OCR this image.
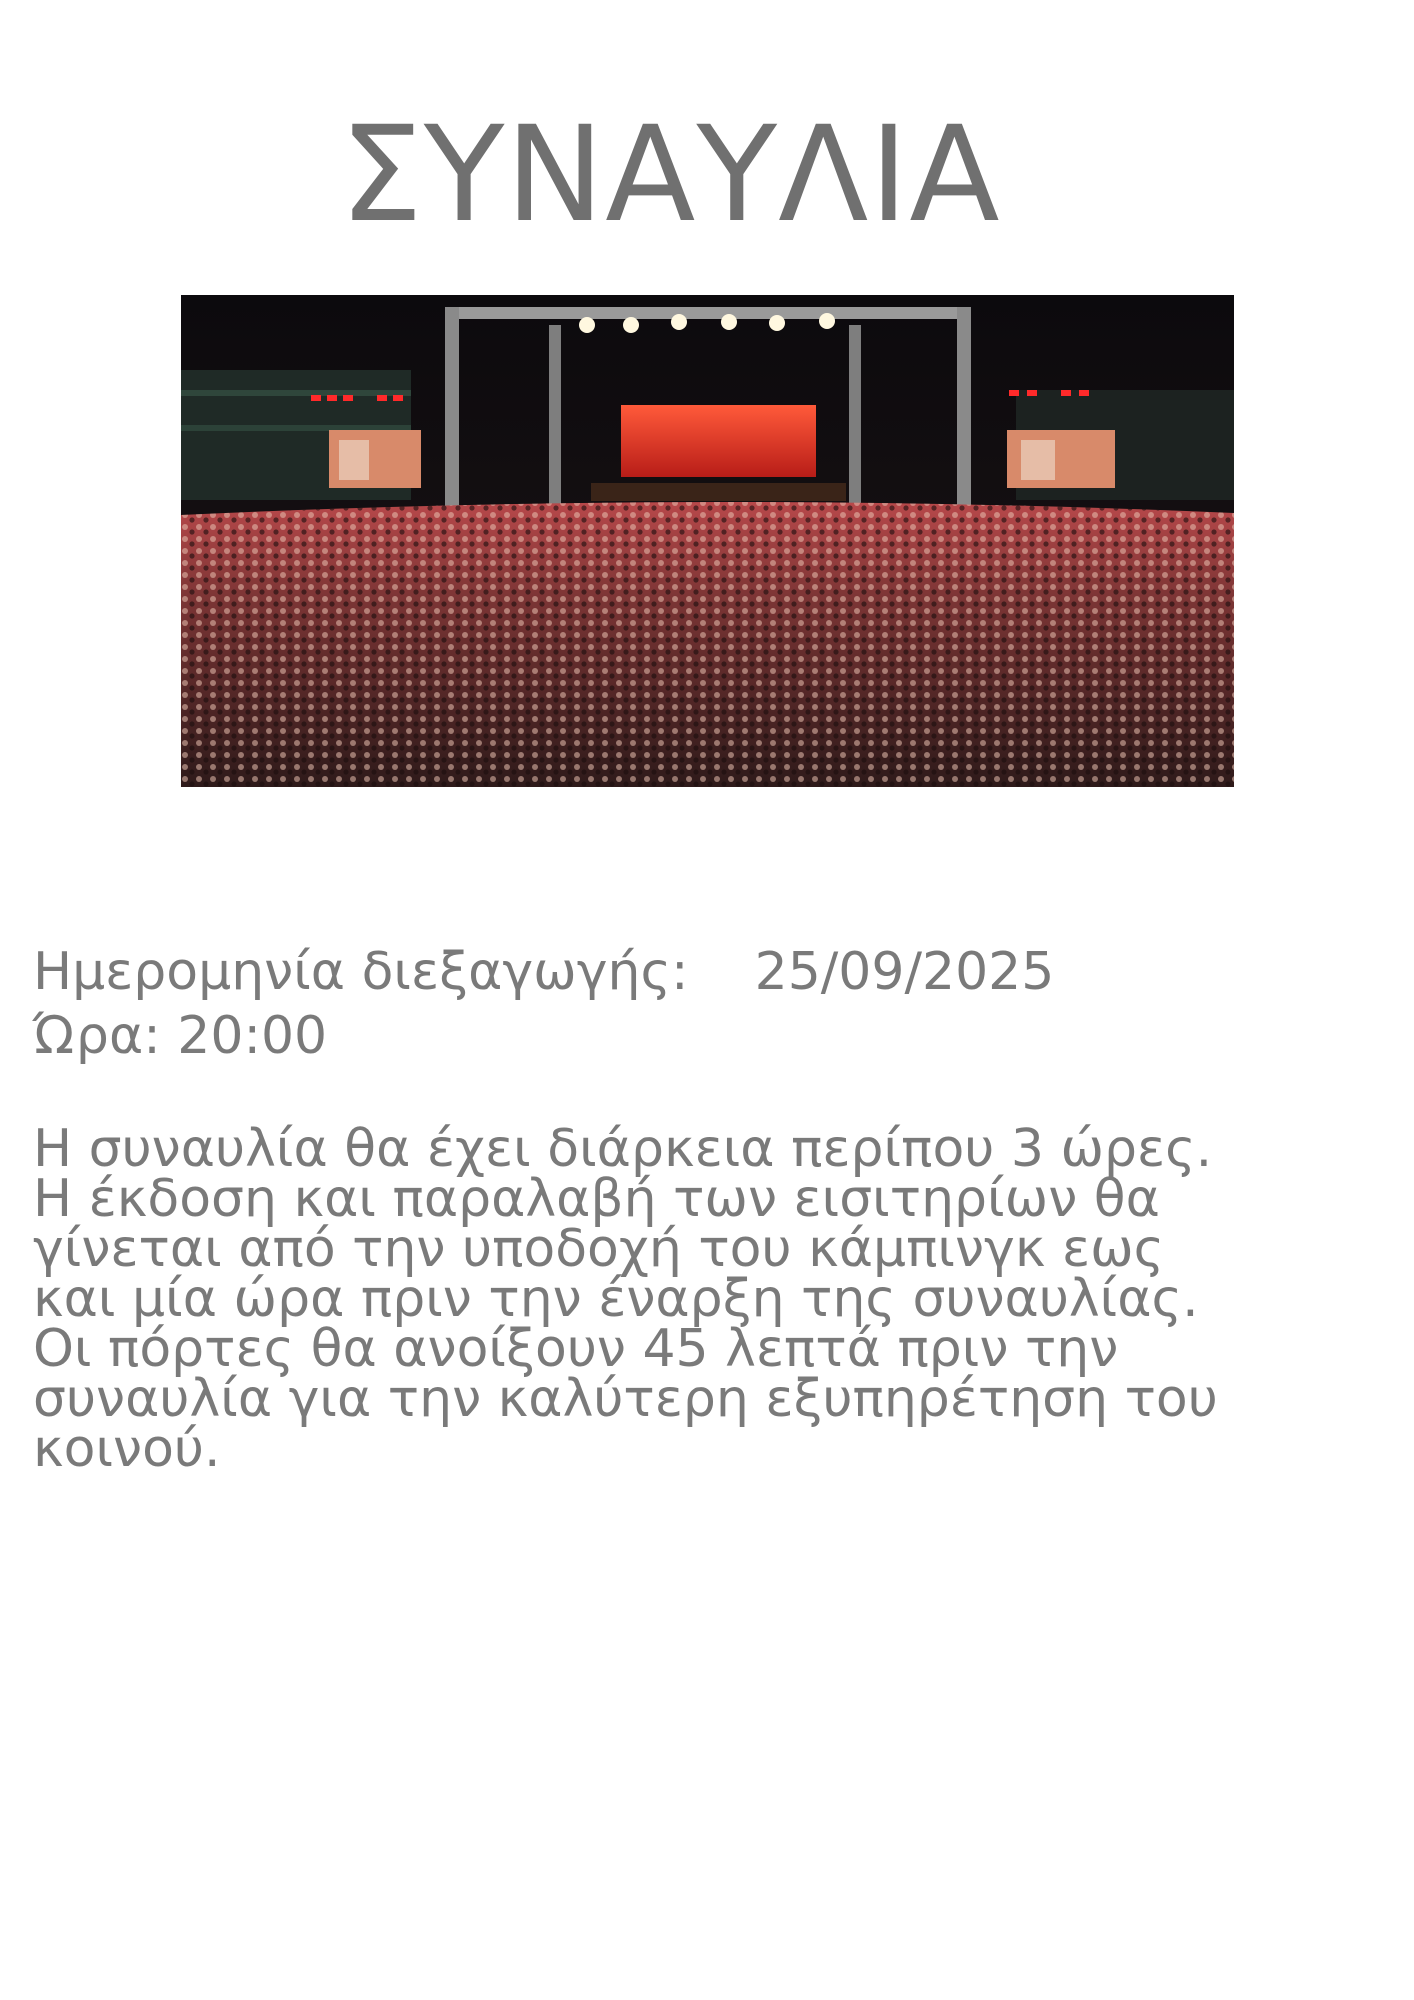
ΣΥΝΑΥΛΙΑ
Ημερομηνία διεξαγωγής: 25/09/2025
Ώρα: 20:00

Η συναυλία θα έχει διάρκεια περίπου 3 ώρες. Η έκδοση και παραλαβή των εισιτηρίων θα γίνεται από την υποδοχή του κάμπινγκ εως και μία ώρα πριν την έναρξη της συναυλίας. Οι πόρτες θα ανοίξουν 45 λεπτά πριν την συναυλία για την καλύτερη εξυπηρέτηση του κοινού.
